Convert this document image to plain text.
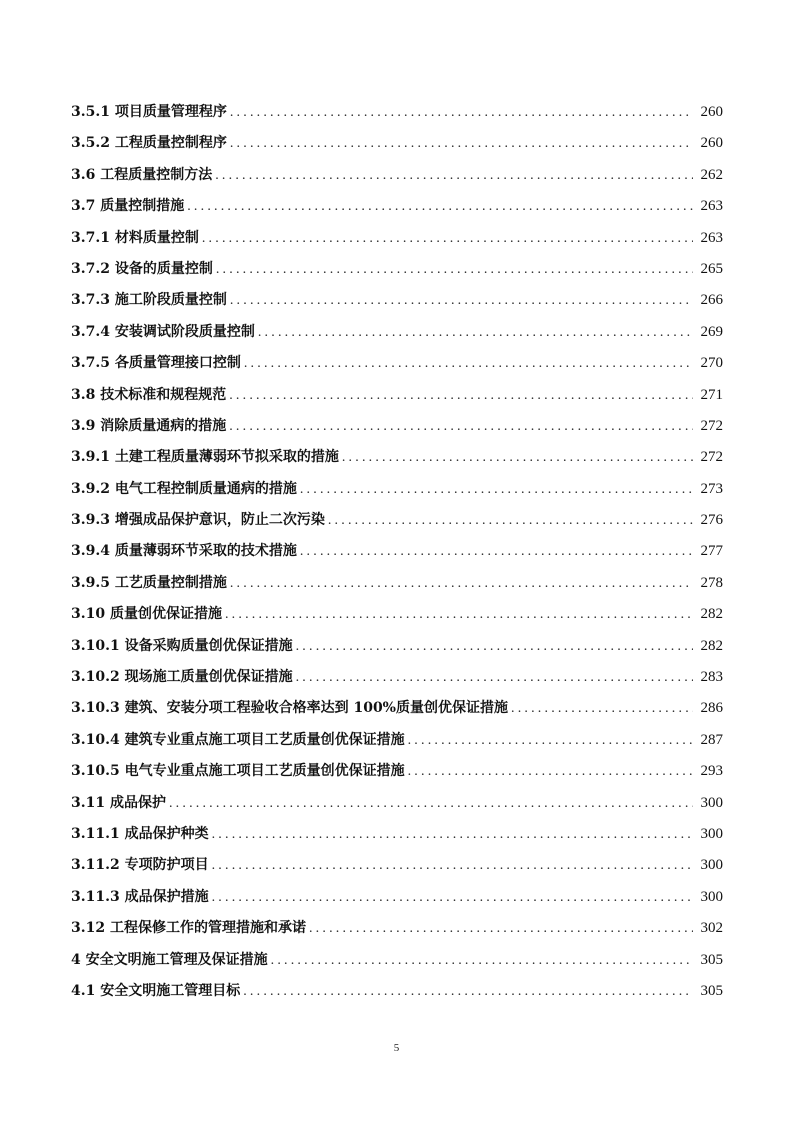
3.5.1 项目质量管理程序 .....	260
3.5.2 工程质量控制程序 .....	260
3.6 工程质量控制方法 .....	262
3.7 质量控制措施 .....	263
3.7.1 材料质量控制 .....	263
3.7.2 设备的质量控制 .....	265
3.7.3 施工阶段质量控制 .....	266
3.7.4 安装调试阶段质量控制 .....	269
3.7.5 各质量管理接口控制 .....	270
3.8 技术标准和规程规范 .....	271
3.9 消除质量通病的措施 .....	272
3.9.1 土建工程质量薄弱环节拟采取的措施 .....	272
3.9.2 电气工程控制质量通病的措施 .....	273
3.9.3 增强成品保护意识，防止二次污染 .....	276
3.9.4 质量薄弱环节采取的技术措施 .....	277
3.9.5 工艺质量控制措施 .....	278
3.10 质量创优保证措施 .....	282
3.10.1 设备采购质量创优保证措施 .....	282
3.10.2 现场施工质量创优保证措施 .....	283
3.10.3 建筑、安装分项工程验收合格率达到 100%质量创优保证措施 .....	286
3.10.4 建筑专业重点施工项目工艺质量创优保证措施 .....	287
3.10.5 电气专业重点施工项目工艺质量创优保证措施 .....	293
3.11 成品保护 .....	300
3.11.1 成品保护种类 .....	300
3.11.2 专项防护项目 .....	300
3.11.3 成品保护措施 .....	300
3.12 工程保修工作的管理措施和承诺 .....	302
4 安全文明施工管理及保证措施 .....	305
4.1 安全文明施工管理目标 .....	305
5
